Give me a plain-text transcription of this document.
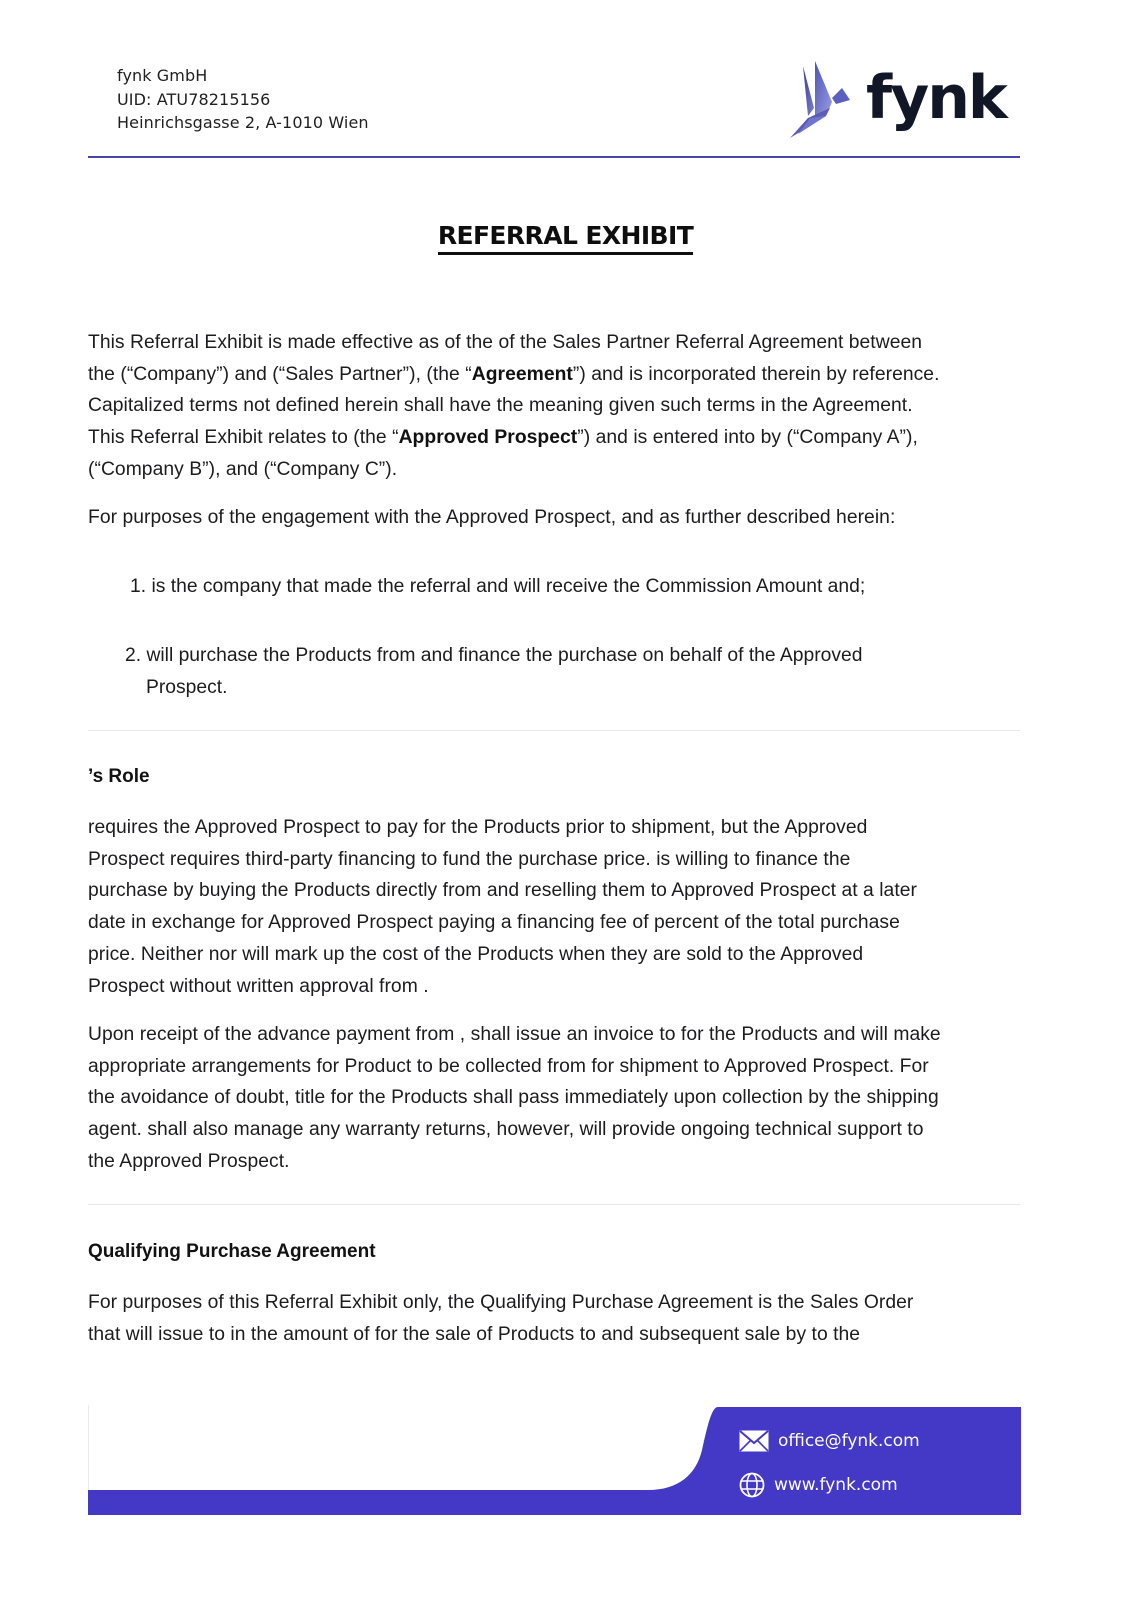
fynk GmbH
UID: ATU78215156
Heinrichsgasse 2, A-1010 Wien	fynk
REFERRAL EXHIBIT
This Referral Exhibit is made effective as of the of the Sales Partner Referral Agreement between
the (“Company”) and (“Sales Partner”), (the “Agreement”) and is incorporated therein by reference.
Capitalized terms not defined herein shall have the meaning given such terms in the Agreement.
This Referral Exhibit relates to (the “Approved Prospect”) and is entered into by (“Company A”),
(“Company B”), and (“Company C”).
For purposes of the engagement with the Approved Prospect, and as further described herein:
1. is the company that made the referral and will receive the Commission Amount and;
2. will purchase the Products from and finance the purchase on behalf of the Approved
Prospect.
’s Role
requires the Approved Prospect to pay for the Products prior to shipment, but the Approved
Prospect requires third-party financing to fund the purchase price. is willing to finance the
purchase by buying the Products directly from and reselling them to Approved Prospect at a later
date in exchange for Approved Prospect paying a financing fee of percent of the total purchase
price. Neither nor will mark up the cost of the Products when they are sold to the Approved
Prospect without written approval from .
Upon receipt of the advance payment from , shall issue an invoice to for the Products and will make
appropriate arrangements for Product to be collected from for shipment to Approved Prospect. For
the avoidance of doubt, title for the Products shall pass immediately upon collection by the shipping
agent. shall also manage any warranty returns, however, will provide ongoing technical support to
the Approved Prospect.
Qualifying Purchase Agreement
For purposes of this Referral Exhibit only, the Qualifying Purchase Agreement is the Sales Order
that will issue to in the amount of for the sale of Products to and subsequent sale by to the
office@fynk.com
www.fynk.com
